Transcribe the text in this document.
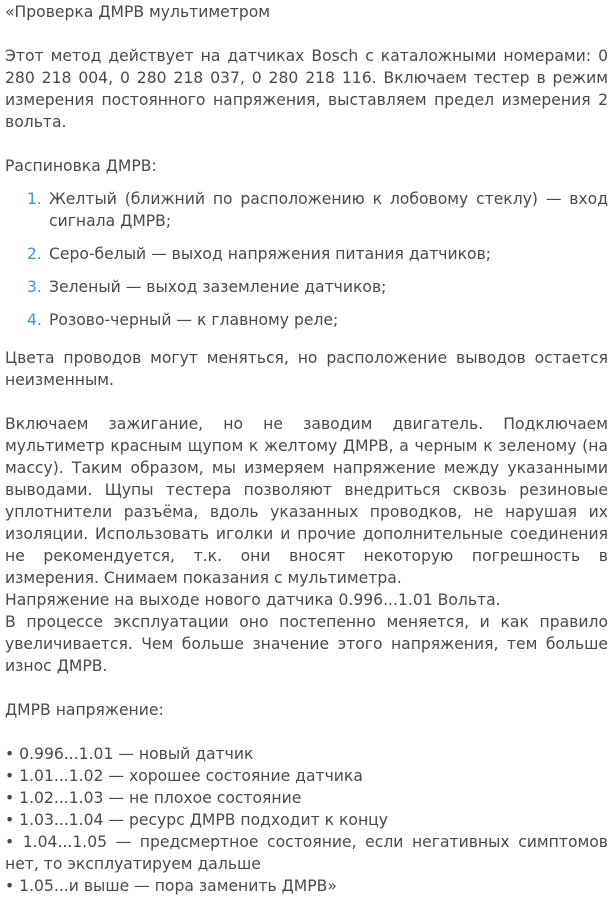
«Проверка ДМРВ мультиметром

Этот метод действует на датчиках Bosch с каталожными номерами: 0 280 218 004, 0 280 218 037, 0 280 218 116. Включаем тестер в режим измерения постоянного напряжения, выставляем предел измерения 2 вольта.

Распиновка ДМРВ:

1. Желтый (ближний по расположению к лобовому стеклу) — вход сигнала ДМРВ;
2. Серо-белый — выход напряжения питания датчиков;
3. Зеленый — выход заземление датчиков;
4. Розово-черный — к главному реле;

Цвета проводов могут меняться, но расположение выводов остается неизменным.

Включаем зажигание, но не заводим двигатель. Подключаем мультиметр красным щупом к желтому ДМРВ, а черным к зеленому (на массу). Таким образом, мы измеряем напряжение между указанными выводами. Щупы тестера позволяют внедриться сквозь резиновые уплотнители разъёма, вдоль указанных проводков, не нарушая их изоляции. Использовать иголки и прочие дополнительные соединения не рекомендуется, т.к. они вносят некоторую погрешность в измерения. Снимаем показания с мультиметра.

Напряжение на выходе нового датчика 0.996...1.01 Вольта.

В процессе эксплуатации оно постепенно меняется, и как правило увеличивается. Чем больше значение этого напряжения, тем больше износ ДМРВ.

ДМРВ напряжение:

• 0.996...1.01 — новый датчик

• 1.01...1.02 — хорошее состояние датчика

• 1.02...1.03 — не плохое состояние

• 1.03...1.04 — ресурс ДМРВ подходит к концу

• 1.04...1.05 — предсмертное состояние, если негативных симптомов нет, то эксплуатируем дальше

• 1.05...и выше — пора заменить ДМРВ»
